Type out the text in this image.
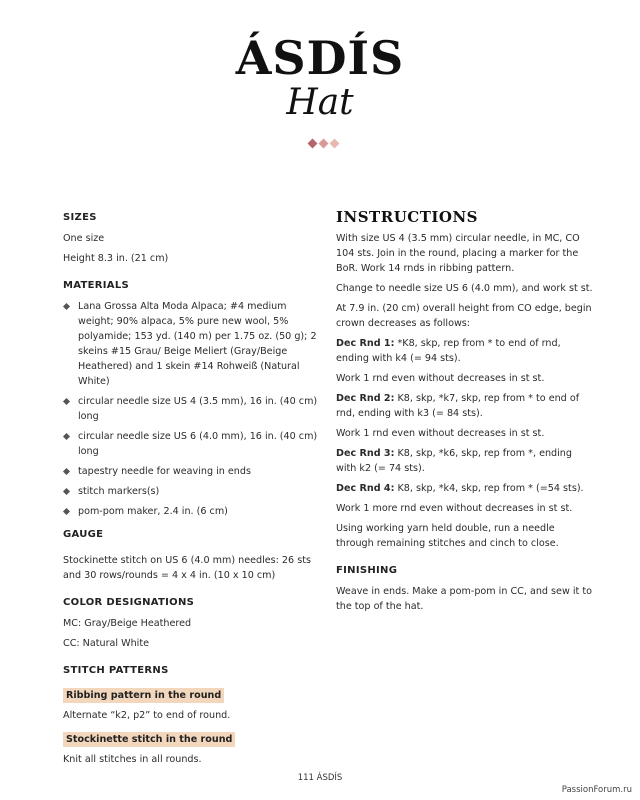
ÁSDÍS
Hat
SIZES

One size

Height 8.3 in. (21 cm)

MATERIALS
Lana Grossa Alta Moda Alpaca; #4 medium weight; 90% alpaca, 5% pure new wool, 5% polyamide; 153 yd. (140 m) per 1.75 oz. (50 g); 2 skeins #15 Grau/ Beige Meliert (Gray/Beige Heathered) and 1 skein #14 Rohweiß (Natural White)
circular needle size US 4 (3.5 mm), 16 in. (40 cm) long
circular needle size US 6 (4.0 mm), 16 in. (40 cm) long
tapestry needle for weaving in ends
stitch markers(s)
pom-pom maker, 2.4 in. (6 cm)
GAUGE

Stockinette stitch on US 6 (4.0 mm) needles: 26 sts and 30 rows/rounds = 4 x 4 in. (10 x 10 cm)

COLOR DESIGNATIONS

MC: Gray/Beige Heathered

CC: Natural White

STITCH PATTERNS
Ribbing pattern in the round

Alternate “k2, p2” to end of round.

Stockinette stitch in the round

Knit all stitches in all rounds.

INSTRUCTIONS

With size US 4 (3.5 mm) circular needle, in MC, CO 104 sts. Join in the round, placing a marker for the BoR. Work 14 rnds in ribbing pattern.

Change to needle size US 6 (4.0 mm), and work st st.

At 7.9 in. (20 cm) overall height from CO edge, begin crown decreases as follows:

Dec Rnd 1: *K8, skp, rep from * to end of rnd, ending with k4 (= 94 sts).

Work 1 rnd even without decreases in st st.

Dec Rnd 2: K8, skp, *k7, skp, rep from * to end of rnd, ending with k3 (= 84 sts).

Work 1 rnd even without decreases in st st.

Dec Rnd 3: K8, skp, *k6, skp, rep from *, ending with k2 (= 74 sts).

Dec Rnd 4: K8, skp, *k4, skp, rep from * (=54 sts).

Work 1 more rnd even without decreases in st st.

Using working yarn held double, run a needle through remaining stitches and cinch to close.

FINISHING

Weave in ends. Make a pom-pom in CC, and sew it to the top of the hat.

111 ÁSDÍS
PassionForum.ru
